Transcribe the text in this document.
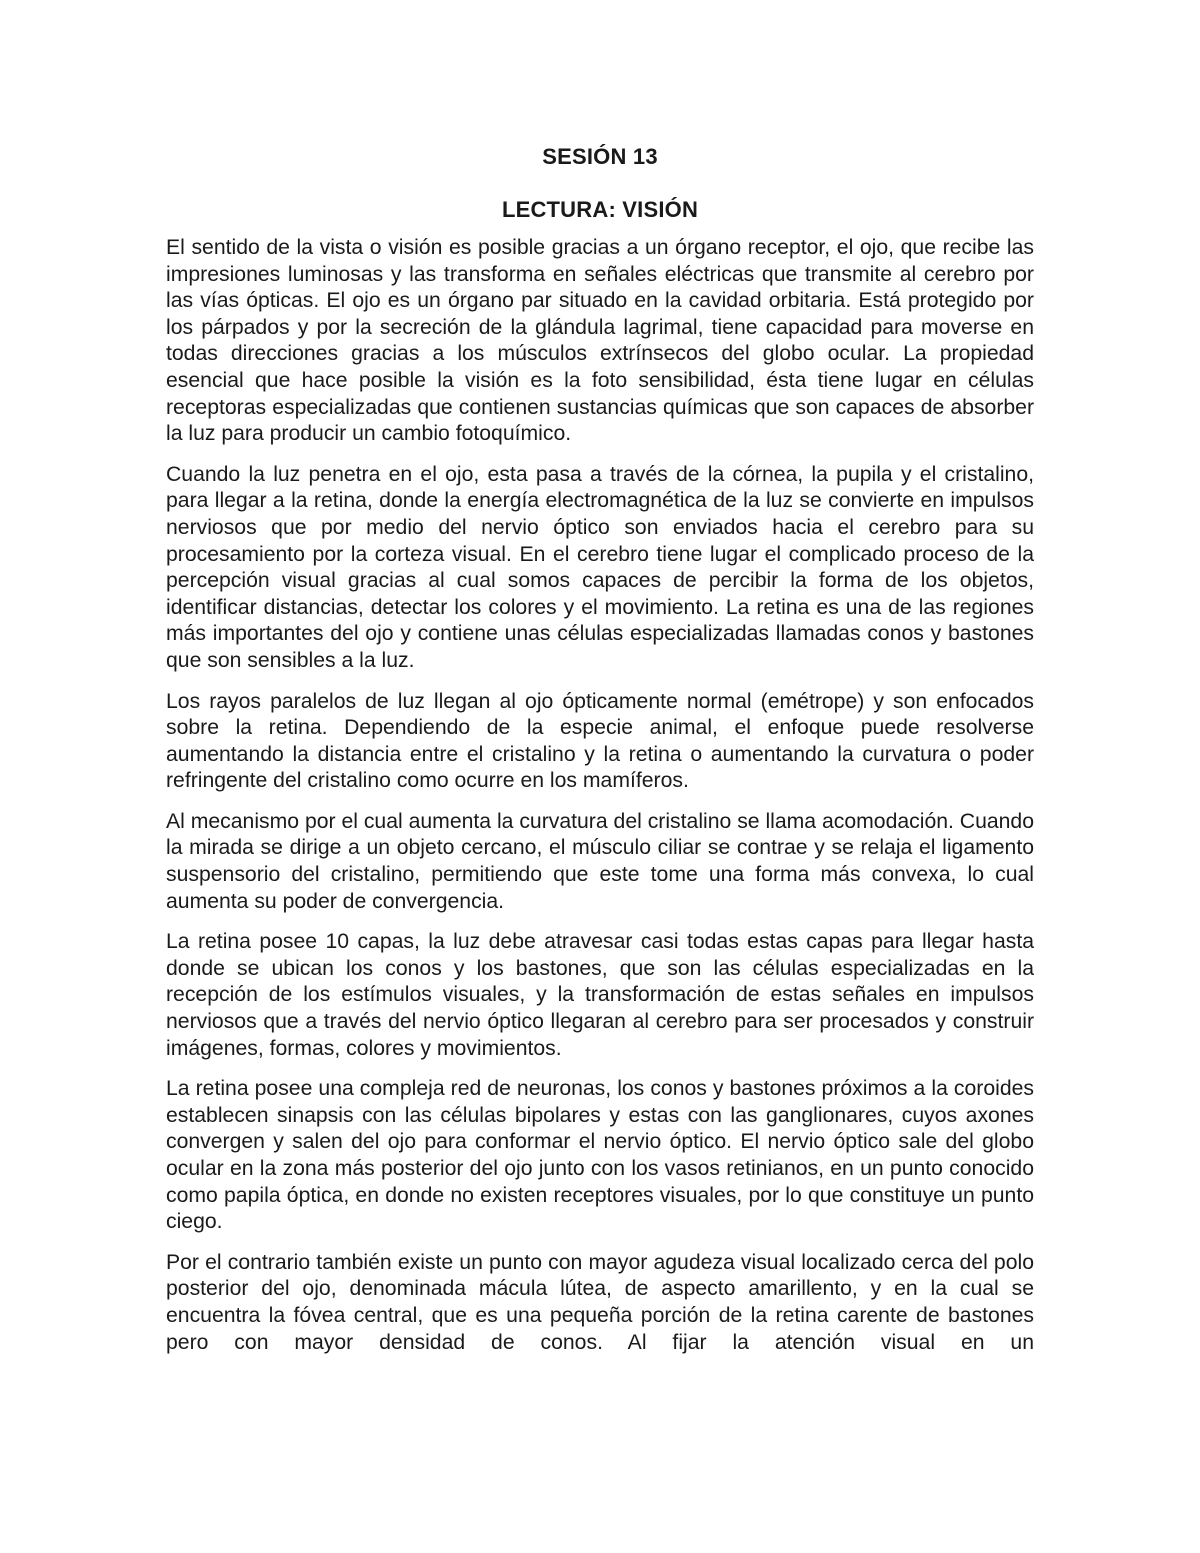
SESIÓN 13
LECTURA: VISIÓN

El sentido de la vista o visión es posible gracias a un órgano receptor, el ojo, que recibe las impresiones luminosas y las transforma en señales eléctricas que transmite al cerebro por las vías ópticas. El ojo es un órgano par situado en la cavidad orbitaria. Está protegido por los párpados y por la secreción de la glándula lagrimal, tiene capacidad para moverse en todas direcciones gracias a los músculos extrínsecos del globo ocular. La propiedad esencial que hace posible la visión es la foto sensibilidad, ésta tiene lugar en células receptoras especializadas que contienen sustancias químicas que son capaces de absorber la luz para producir un cambio fotoquímico.

Cuando la luz penetra en el ojo, esta pasa a través de la córnea, la pupila y el cristalino, para llegar a la retina, donde la energía electromagnética de la luz se convierte en impulsos nerviosos que por medio del nervio óptico son enviados hacia el cerebro para su procesamiento por la corteza visual. En el cerebro tiene lugar el complicado proceso de la percepción visual gracias al cual somos capaces de percibir la forma de los objetos, identificar distancias, detectar los colores y el movimiento. La retina es una de las regiones más importantes del ojo y contiene unas células especializadas llamadas conos y bastones que son sensibles a la luz.

Los rayos paralelos de luz llegan al ojo ópticamente normal (emétrope) y son enfocados sobre la retina. Dependiendo de la especie animal, el enfoque puede resolverse aumentando la distancia entre el cristalino y la retina o aumentando la curvatura o poder refringente del cristalino como ocurre en los mamíferos.

Al mecanismo por el cual aumenta la curvatura del cristalino se llama acomodación. Cuando la mirada se dirige a un objeto cercano, el músculo ciliar se contrae y se relaja el ligamento suspensorio del cristalino, permitiendo que este tome una forma más convexa, lo cual aumenta su poder de convergencia.

La retina posee 10 capas, la luz debe atravesar casi todas estas capas para llegar hasta donde se ubican los conos y los bastones, que son las células especializadas en la recepción de los estímulos visuales, y la transformación de estas señales en impulsos nerviosos que a través del nervio óptico llegaran al cerebro para ser procesados y construir imágenes, formas, colores y movimientos.

La retina posee una compleja red de neuronas, los conos y bastones próximos a la coroides establecen sinapsis con las células bipolares y estas con las ganglionares, cuyos axones convergen y salen del ojo para conformar el nervio óptico. El nervio óptico sale del globo ocular en la zona más posterior del ojo junto con los vasos retinianos, en un punto conocido como papila óptica, en donde no existen receptores visuales, por lo que constituye un punto ciego.

Por el contrario también existe un punto con mayor agudeza visual localizado cerca del polo posterior del ojo, denominada mácula lútea, de aspecto amarillento, y en la cual se encuentra la fóvea central, que es una pequeña porción de la retina carente de bastones pero con mayor densidad de conos. Al fijar la atención visual en un
